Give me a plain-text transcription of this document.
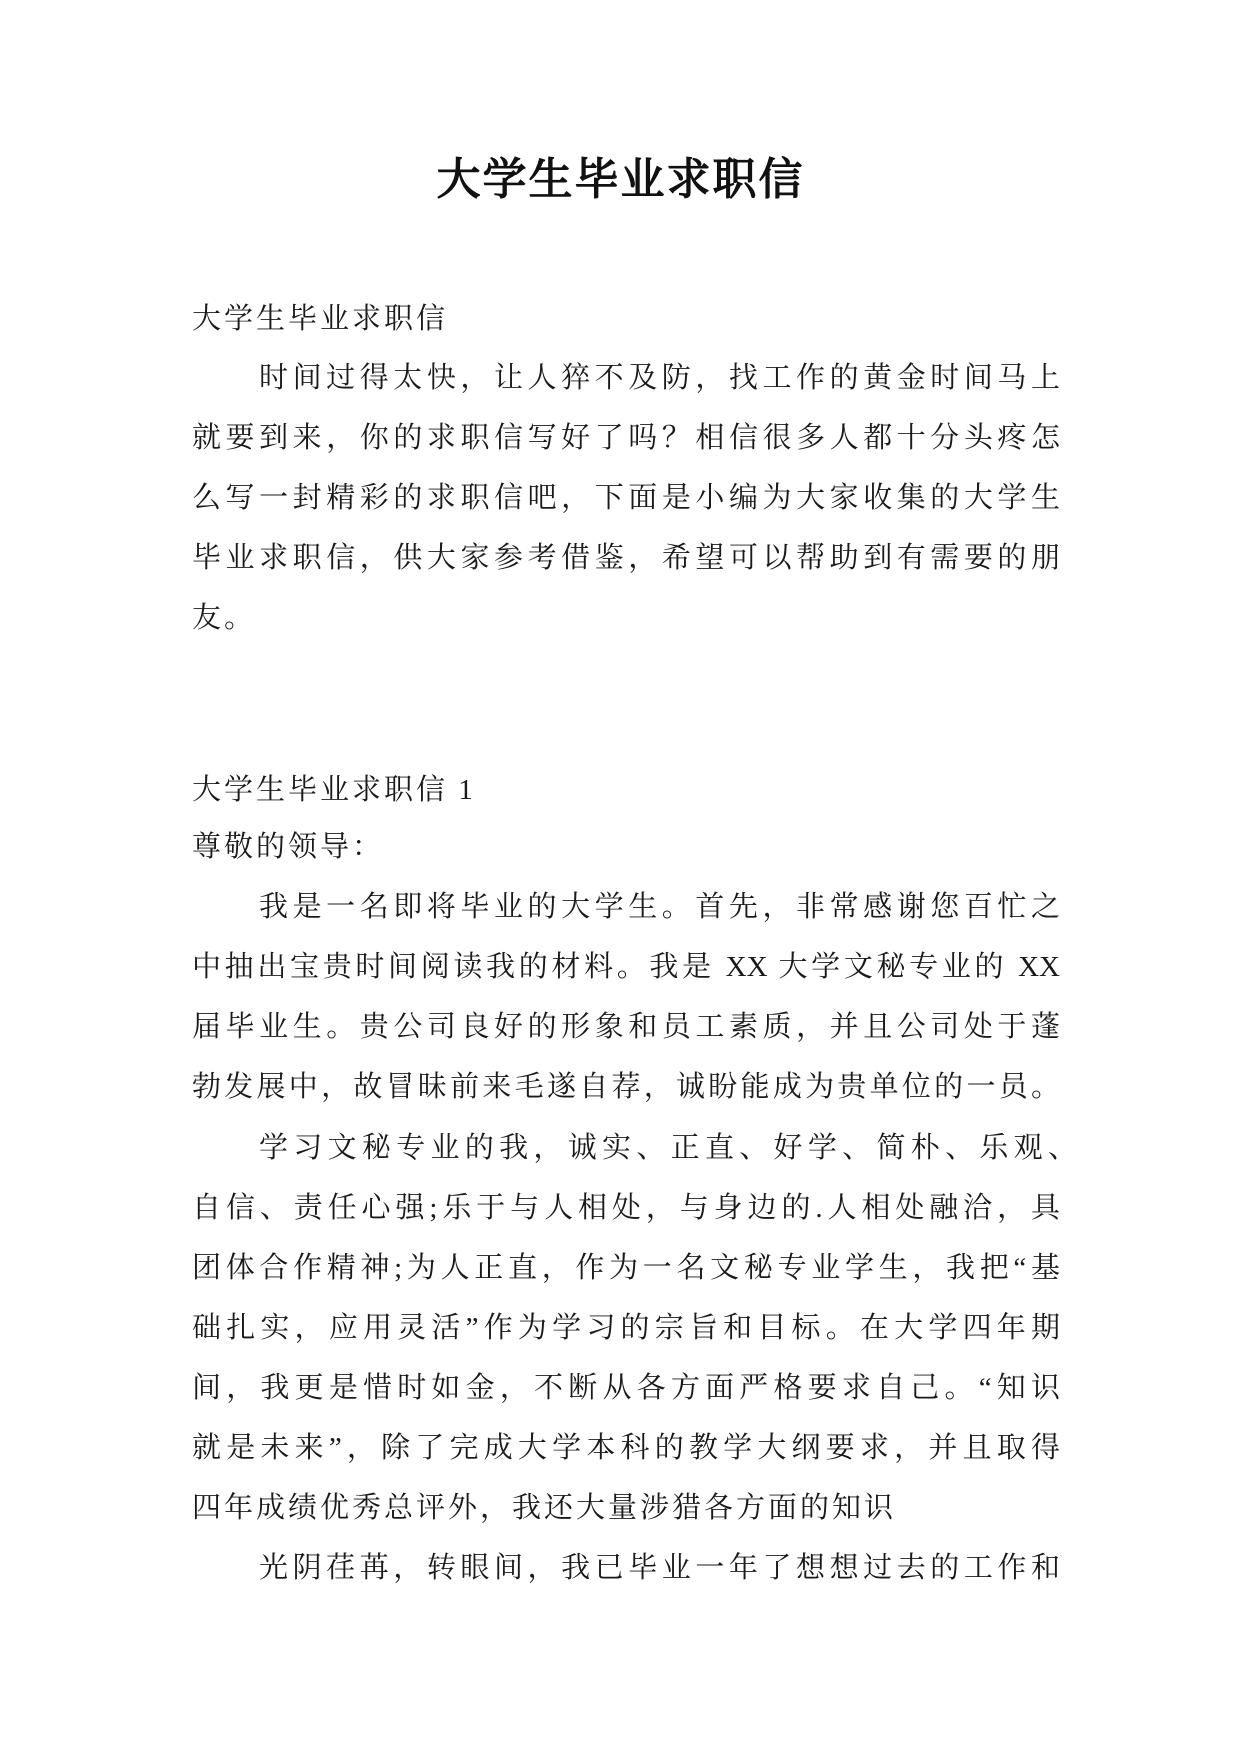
大学生毕业求职信
大学生毕业求职信
时间过得太快，让人猝不及防，找工作的黄金时间马上
就要到来，你的求职信写好了吗？相信很多人都十分头疼怎
么写一封精彩的求职信吧，下面是小编为大家收集的大学生
毕业求职信，供大家参考借鉴，希望可以帮助到有需要的朋
友。
大学生毕业求职信 1
尊敬的领导：
我是一名即将毕业的大学生。首先，非常感谢您百忙之
中抽出宝贵时间阅读我的材料。我是 XX 大学文秘专业的 XX
届毕业生。贵公司良好的形象和员工素质，并且公司处于蓬
勃发展中，故冒昧前来毛遂自荐，诚盼能成为贵单位的一员。
学习文秘专业的我，诚实、正直、好学、简朴、乐观、
自信、责任心强;乐于与人相处，与身边的.人相处融洽，具
团体合作精神;为人正直，作为一名文秘专业学生，我把“基
础扎实，应用灵活”作为学习的宗旨和目标。在大学四年期
间，我更是惜时如金，不断从各方面严格要求自己。“知识
就是未来”，除了完成大学本科的教学大纲要求，并且取得
四年成绩优秀总评外，我还大量涉猎各方面的知识
光阴荏苒，转眼间，我已毕业一年了想想过去的工作和
